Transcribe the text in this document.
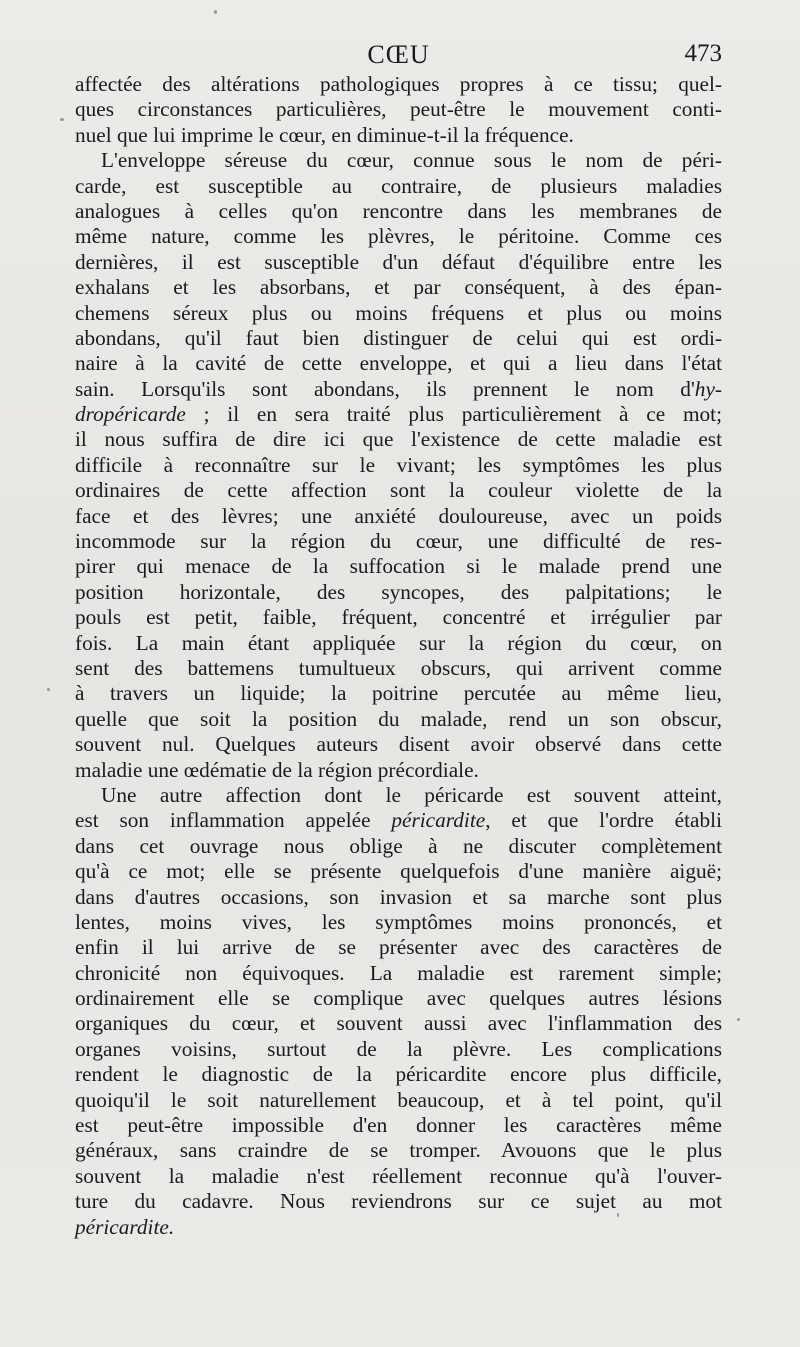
CŒU	473
affectée des altérations pathologiques propres à ce tissu; quel-
ques circonstances particulières, peut-être le mouvement conti-
nuel que lui imprime le cœur, en diminue-t-il la fréquence.
L'enveloppe séreuse du cœur, connue sous le nom de péri-
carde, est susceptible au contraire, de plusieurs maladies
analogues à celles qu'on rencontre dans les membranes de
même nature, comme les plèvres, le péritoine. Comme ces
dernières, il est susceptible d'un défaut d'équilibre entre les
exhalans et les absorbans, et par conséquent, à des épan-
chemens séreux plus ou moins fréquens et plus ou moins
abondans, qu'il faut bien distinguer de celui qui est ordi-
naire à la cavité de cette enveloppe, et qui a lieu dans l'état
sain. Lorsqu'ils sont abondans, ils prennent le nom d'hy-
dropéricarde ; il en sera traité plus particulièrement à ce mot;
il nous suffira de dire ici que l'existence de cette maladie est
difficile à reconnaître sur le vivant; les symptômes les plus
ordinaires de cette affection sont la couleur violette de la
face et des lèvres; une anxiété douloureuse, avec un poids
incommode sur la région du cœur, une difficulté de res-
pirer qui menace de la suffocation si le malade prend une
position horizontale, des syncopes, des palpitations; le
pouls est petit, faible, fréquent, concentré et irrégulier par
fois. La main étant appliquée sur la région du cœur, on
sent des battemens tumultueux obscurs, qui arrivent comme
à travers un liquide; la poitrine percutée au même lieu,
quelle que soit la position du malade, rend un son obscur,
souvent nul. Quelques auteurs disent avoir observé dans cette
maladie une œdématie de la région précordiale.
Une autre affection dont le péricarde est souvent atteint,
est son inflammation appelée péricardite, et que l'ordre établi
dans cet ouvrage nous oblige à ne discuter complètement
qu'à ce mot; elle se présente quelquefois d'une manière aiguë;
dans d'autres occasions, son invasion et sa marche sont plus
lentes, moins vives, les symptômes moins prononcés, et
enfin il lui arrive de se présenter avec des caractères de
chronicité non équivoques. La maladie est rarement simple;
ordinairement elle se complique avec quelques autres lésions
organiques du cœur, et souvent aussi avec l'inflammation des
organes voisins, surtout de la plèvre. Les complications
rendent le diagnostic de la péricardite encore plus difficile,
quoiqu'il le soit naturellement beaucoup, et à tel point, qu'il
est peut-être impossible d'en donner les caractères même
généraux, sans craindre de se tromper. Avouons que le plus
souvent la maladie n'est réellement reconnue qu'à l'ouver-
ture du cadavre. Nous reviendrons sur ce sujet au mot
péricardite.
